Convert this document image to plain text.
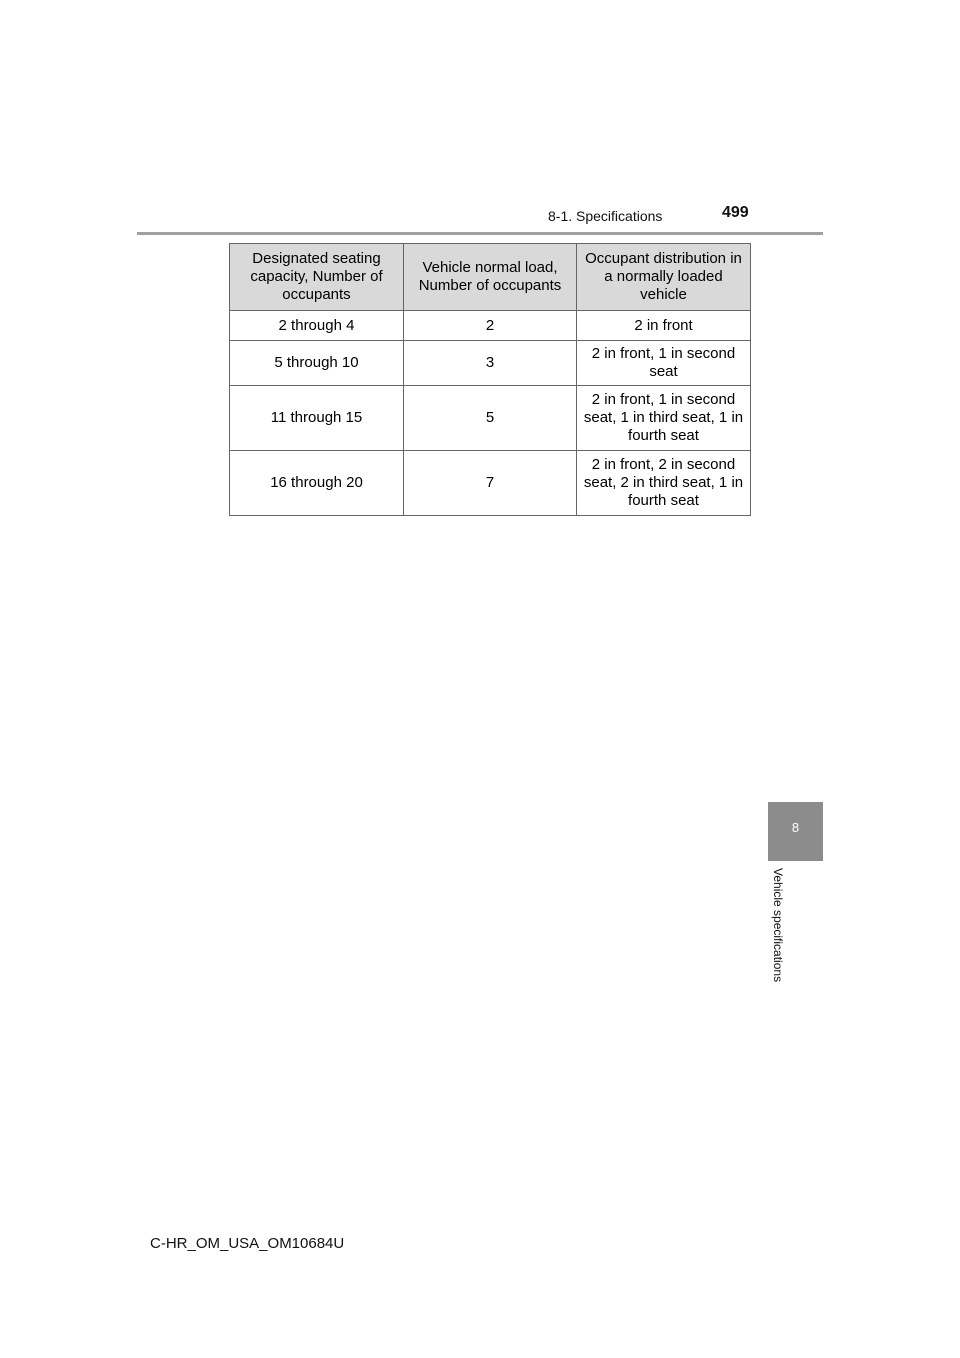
8-1. Specifications	499
Designated seating capacity, Number of occupants	Vehicle normal load, Number of occupants	Occupant distribution in a normally loaded vehicle
2 through 4	2	2 in front
5 through 10	3	2 in front, 1 in second seat
11 through 15	5	2 in front, 1 in second seat, 1 in third seat, 1 in fourth seat
16 through 20	7	2 in front, 2 in second seat, 2 in third seat, 1 in fourth seat
8
Vehicle specifications
C-HR_OM_USA_OM10684U
